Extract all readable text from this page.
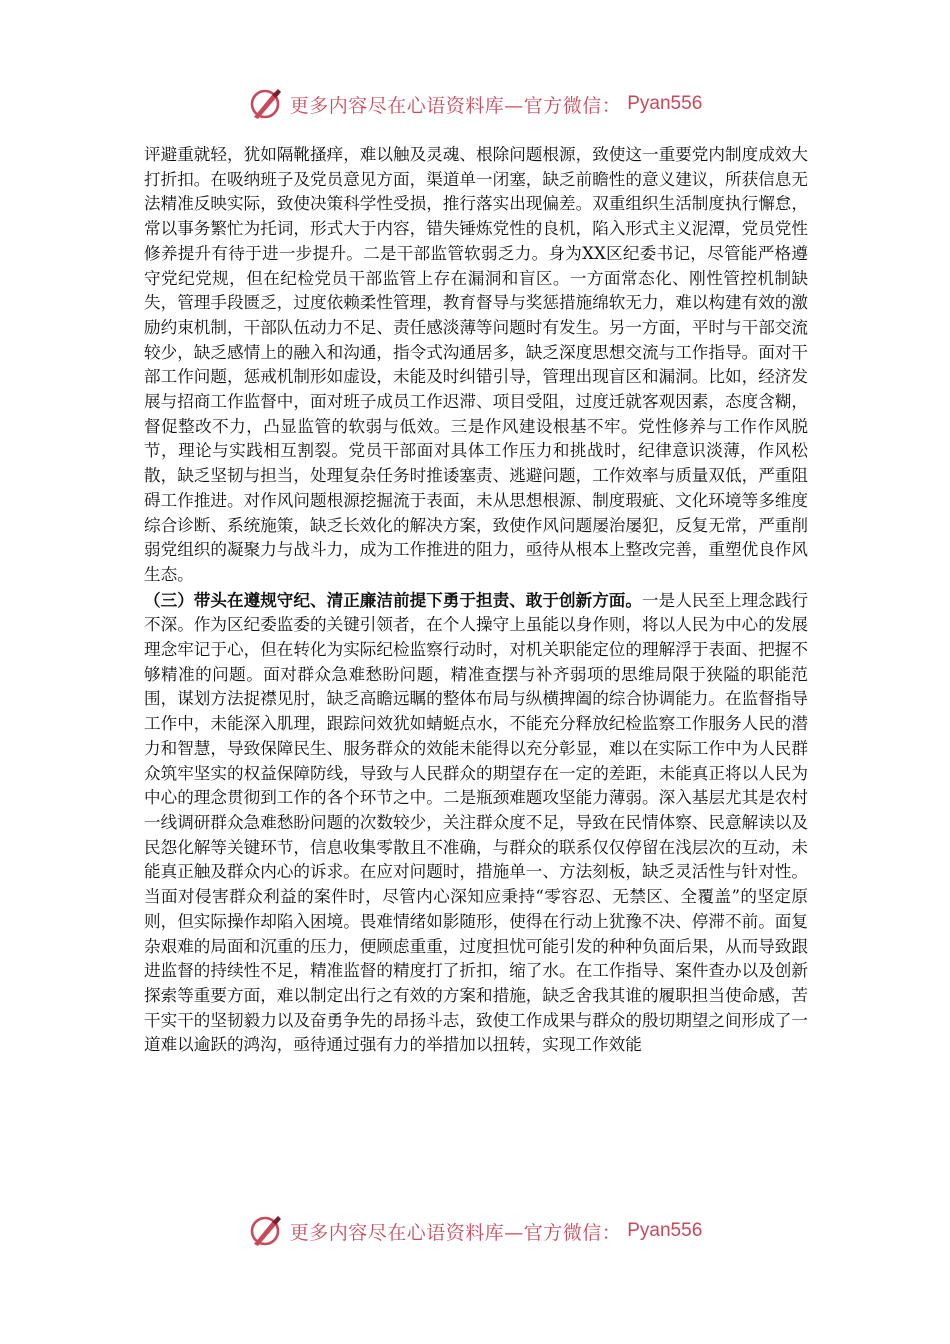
更多内容尽在心语资料库—官方微信： Pyan556

评避重就轻，犹如隔靴搔痒，难以触及灵魂、根除问题根源，致使这一重要党内制度成效大打折扣。在吸纳班子及党员意见方面，渠道单一闭塞，缺乏前瞻性的意义建议，所获信息无法精准反映实际，致使决策科学性受损，推行落实出现偏差。双重组织生活制度执行懈怠，常以事务繁忙为托词，形式大于内容，错失锤炼党性的良机，陷入形式主义泥潭，党员党性修养提升有待于进一步提升。二是干部监管软弱乏力。身为XX区纪委书记，尽管能严格遵守党纪党规，但在纪检党员干部监管上存在漏洞和盲区。一方面常态化、刚性管控机制缺失，管理手段匮乏，过度依赖柔性管理，教育督导与奖惩措施绵软无力，难以构建有效的激励约束机制，干部队伍动力不足、责任感淡薄等问题时有发生。另一方面，平时与干部交流较少，缺乏感情上的融入和沟通，指令式沟通居多，缺乏深度思想交流与工作指导。面对干部工作问题，惩戒机制形如虚设，未能及时纠错引导，管理出现盲区和漏洞。比如，经济发展与招商工作监督中，面对班子成员工作迟滞、项目受阻，过度迁就客观因素，态度含糊，督促整改不力，凸显监管的软弱与低效。三是作风建设根基不牢。党性修养与工作作风脱节，理论与实践相互割裂。党员干部面对具体工作压力和挑战时，纪律意识淡薄，作风松散，缺乏坚韧与担当，处理复杂任务时推诿塞责、逃避问题，工作效率与质量双低，严重阻碍工作推进。对作风问题根源挖掘流于表面，未从思想根源、制度瑕疵、文化环境等多维度综合诊断、系统施策，缺乏长效化的解决方案，致使作风问题屡治屡犯，反复无常，严重削弱党组织的凝聚力与战斗力，成为工作推进的阻力，亟待从根本上整改完善，重塑优良作风生态。

（三）带头在遵规守纪、清正廉洁前提下勇于担责、敢于创新方面。一是人民至上理念践行不深。作为区纪委监委的关键引领者，在个人操守上虽能以身作则，将以人民为中心的发展理念牢记于心，但在转化为实际纪检监察行动时，对机关职能定位的理解浮于表面、把握不够精准的问题。面对群众急难愁盼问题，精准查摆与补齐弱项的思维局限于狭隘的职能范围，谋划方法捉襟见肘，缺乏高瞻远瞩的整体布局与纵横捭阖的综合协调能力。在监督指导工作中，未能深入肌理，跟踪问效犹如蜻蜓点水，不能充分释放纪检监察工作服务人民的潜力和智慧，导致保障民生、服务群众的效能未能得以充分彰显，难以在实际工作中为人民群众筑牢坚实的权益保障防线，导致与人民群众的期望存在一定的差距，未能真正将以人民为中心的理念贯彻到工作的各个环节之中。二是瓶颈难题攻坚能力薄弱。深入基层尤其是农村一线调研群众急难愁盼问题的次数较少，关注群众度不足，导致在民情体察、民意解读以及民怨化解等关键环节，信息收集零散且不准确，与群众的联系仅仅停留在浅层次的互动，未能真正触及群众内心的诉求。在应对问题时，措施单一、方法刻板，缺乏灵活性与针对性。当面对侵害群众利益的案件时，尽管内心深知应秉持“零容忍、无禁区、全覆盖”的坚定原则，但实际操作却陷入困境。畏难情绪如影随形，使得在行动上犹豫不决、停滞不前。面复杂艰难的局面和沉重的压力，便顾虑重重，过度担忧可能引发的种种负面后果，从而导致跟进监督的持续性不足，精准监督的精度打了折扣，缩了水。在工作指导、案件查办以及创新探索等重要方面，难以制定出行之有效的方案和措施，缺乏舍我其谁的履职担当使命感，苦干实干的坚韧毅力以及奋勇争先的昂扬斗志，致使工作成果与群众的殷切期望之间形成了一道难以逾跃的鸿沟，亟待通过强有力的举措加以扭转，实现工作效能

更多内容尽在心语资料库—官方微信： Pyan556
